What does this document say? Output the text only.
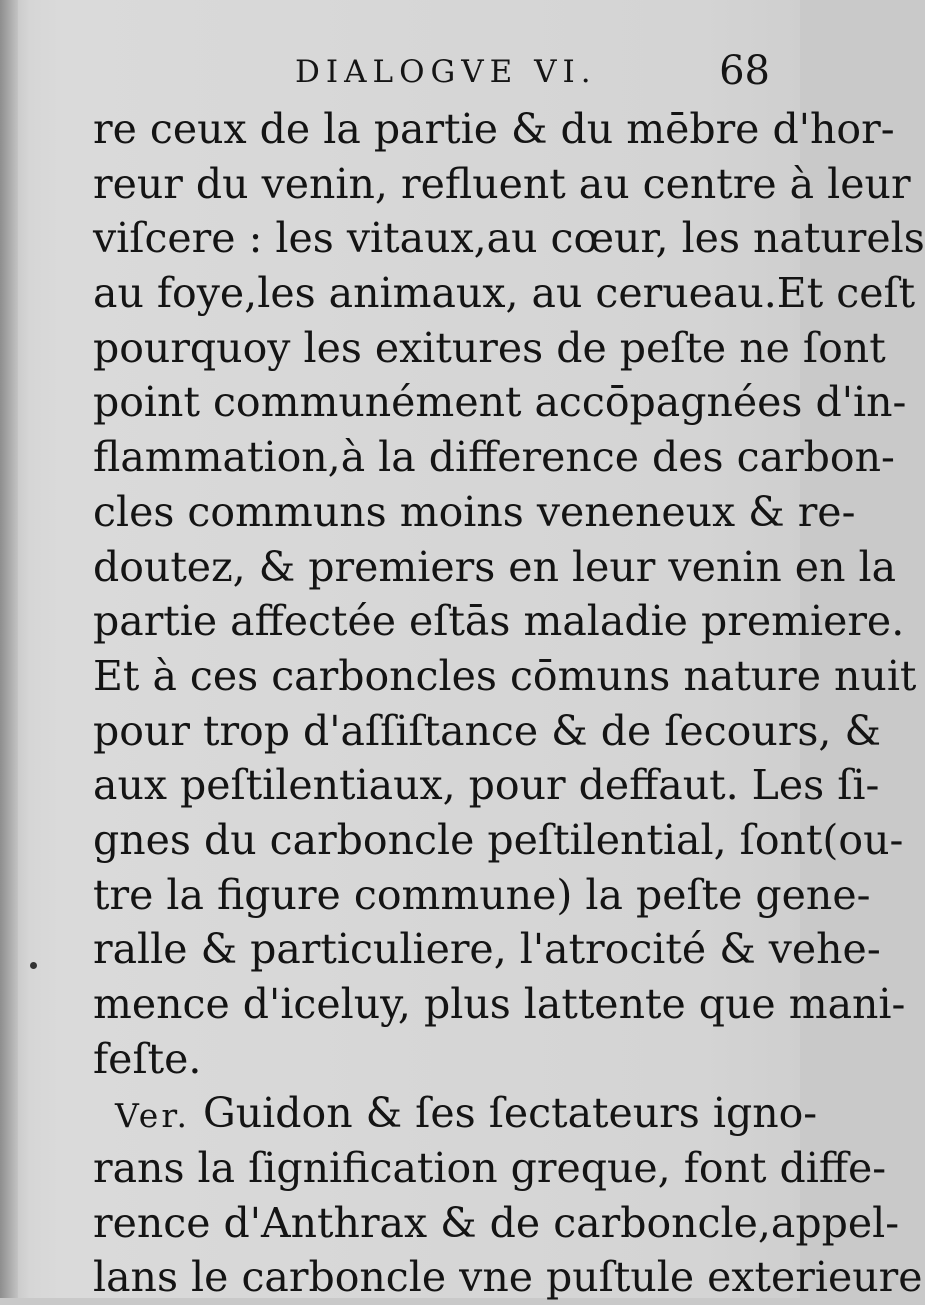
DIALOGVE VI.	68
re ceux de la partie & du mēbre d'hor-
reur du venin, refluent au centre à leur
viſcere : les vitaux,au cœur, les naturels
au foye,les animaux, au cerueau.Et ceſt
pourquoy les exitures de peſte ne ſont
point communément accōpagnées d'in-
flammation,à la difference des carbon-
cles communs moins veneneux & re-
doutez, & premiers en leur venin en la
partie affectée eſtās maladie premiere.
Et à ces carboncles cōmuns nature nuit
pour trop d'aſſiſtance & de ſecours, &
aux peſtilentiaux, pour deffaut. Les ſi-
gnes du carboncle peſtilential, ſont(ou-
tre la figure commune) la peſte gene-
ralle & particuliere, l'atrocité & vehe-
mence d'iceluy, plus lattente que mani-
feſte.
Ver. Guidon & ſes ſectateurs igno-
rans la ſignification greque, font diffe-
rence d'Anthrax & de carboncle,appel-
lans le carboncle vne puſtule exterieure
